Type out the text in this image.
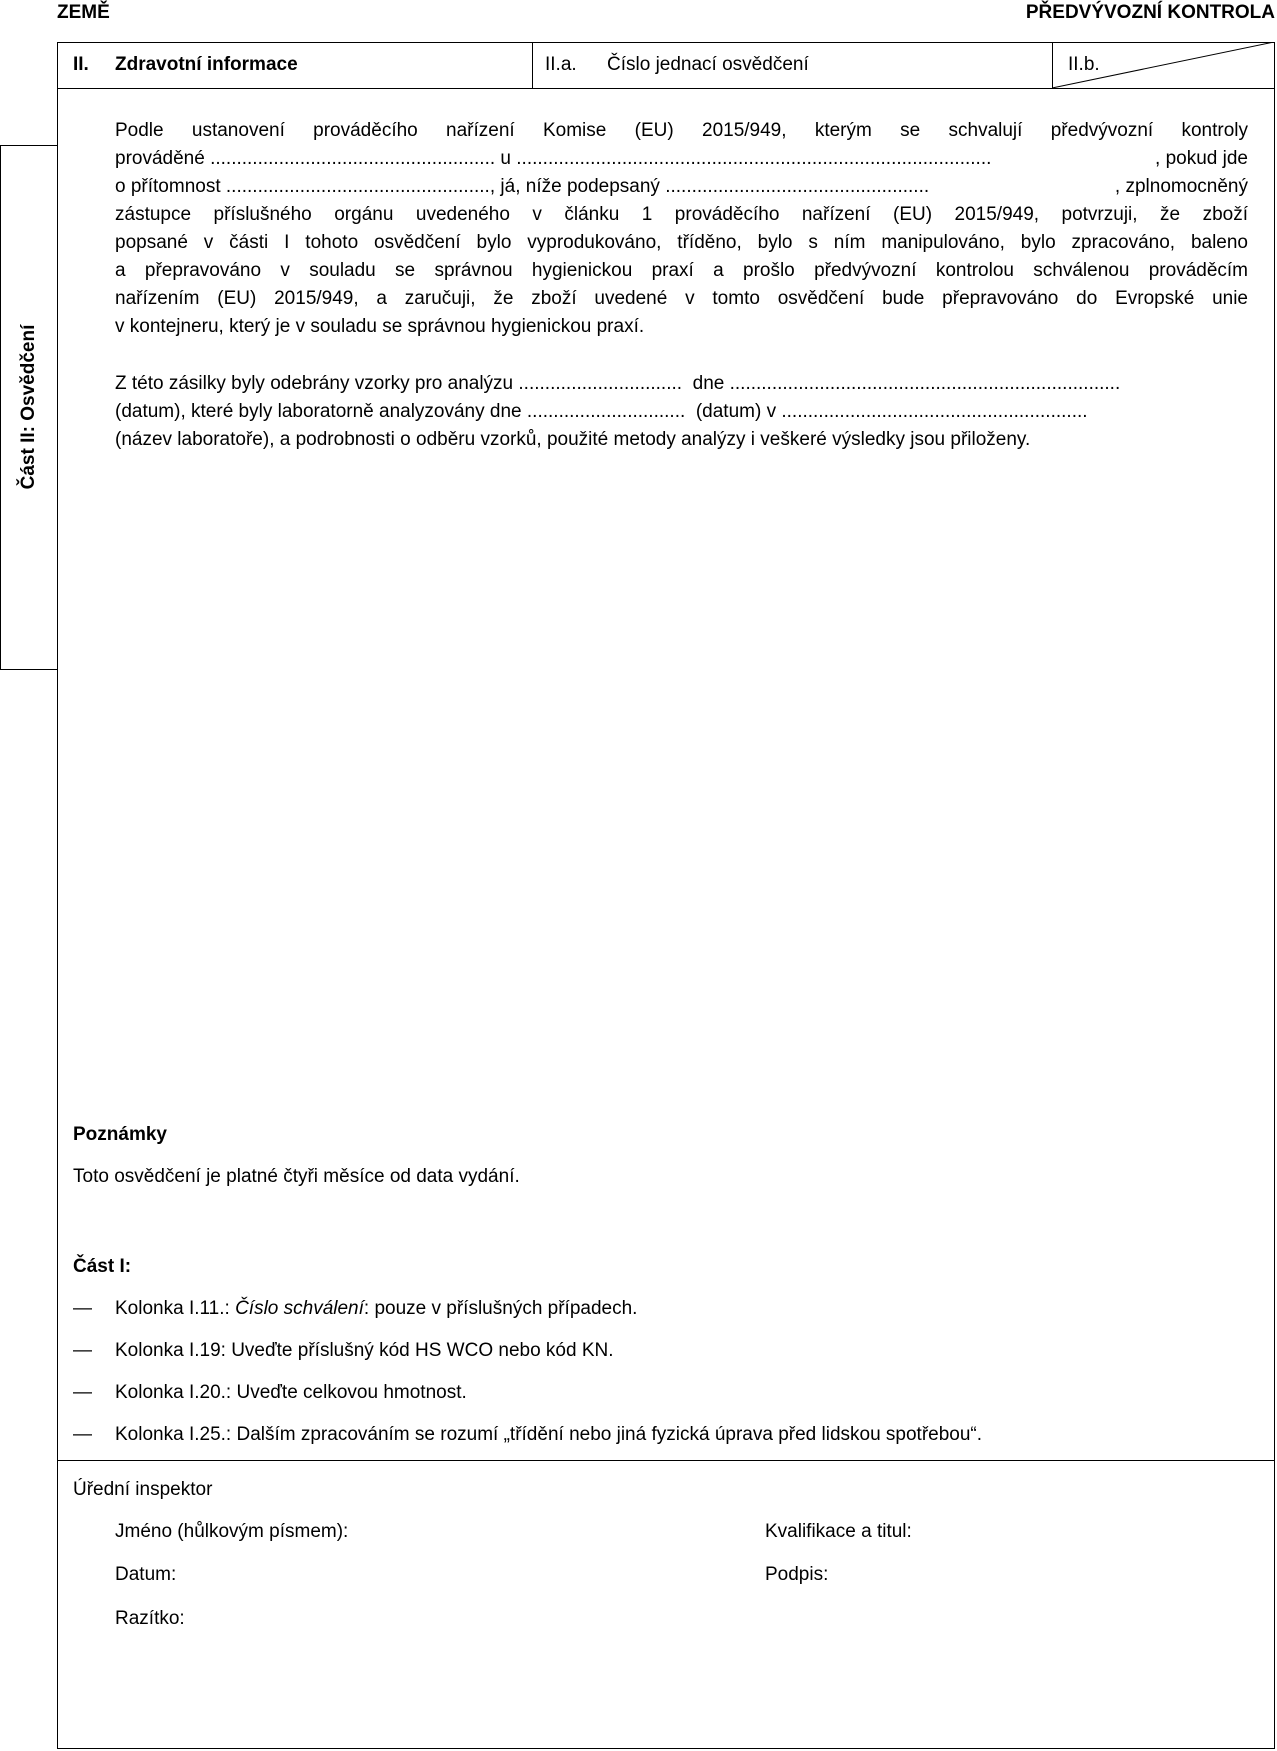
ZEMĚ	PŘEDVÝVOZNÍ KONTROLA
Část II: Osvědčení
II. Zdravotní informace	II.a. Číslo jednací osvědčení	II.b.

Podle ustanovení prováděcího nařízení Komise (EU) 2015/949, kterým se schvalují předvývozní kontroly

prováděné ...................................................... u ..........................................................................................	, pokud jde

o přítomnost .................................................., já, níže podepsaný ..................................................	, zplnomocněný

zástupce příslušného orgánu uvedeného v článku 1 prováděcího nařízení (EU) 2015/949, potvrzuji, že zboží

popsané v části I tohoto osvědčení bylo vyprodukováno, tříděno, bylo s ním manipulováno, bylo zpracováno, baleno

a přepravováno v souladu se správnou hygienickou praxí a prošlo předvývozní kontrolou schválenou prováděcím

nařízením (EU) 2015/949, a zaručuji, že zboží uvedené v tomto osvědčení bude přepravováno do Evropské unie

v kontejneru, který je v souladu se správnou hygienickou praxí.

Z této zásilky byly odebrány vzorky pro analýzu
...............................
dne
..........................................................................

(datum), které byly laboratorně analyzovány dne
..............................
(datum) v
..........................................................

(název laboratoře), a podrobnosti o odběru vzorků, použité metody analýzy i veškeré výsledky jsou přiloženy.

Poznámky
Toto osvědčení je platné čtyři měsíce od data vydání.
Část I:
— Kolonka I.11.: Číslo schválení: pouze v příslušných případech.
— Kolonka I.19: Uveďte příslušný kód HS WCO nebo kód KN.
— Kolonka I.20.: Uveďte celkovou hmotnost.
— Kolonka I.25.: Dalším zpracováním se rozumí „třídění nebo jiná fyzická úprava před lidskou spotřebou“.
Úřední inspektor
Jméno (hůlkovým písmem):	Kvalifikace a titul:
Datum:	Podpis:
Razítko:
